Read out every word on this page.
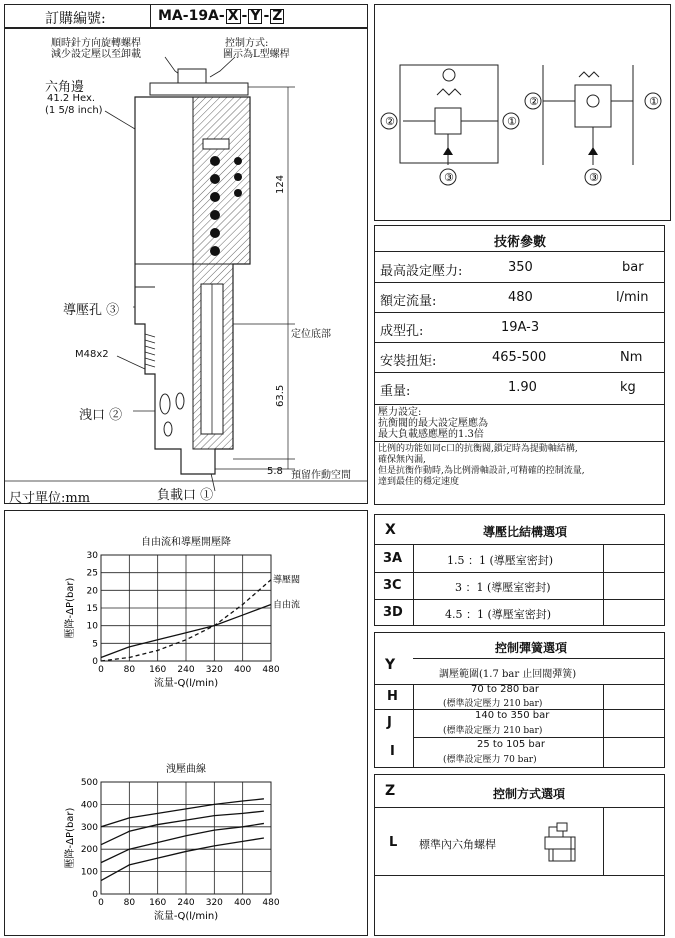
訂購編號:	MA-19A- X - Y - Z
順時針方向旋轉螺桿
減少設定壓以至卸載
控制方式:
圖示為L型螺桿
六角邊
41.2 Hex.
(1 5/8 inch)
導壓孔 ③
M48x2
洩口 ②
定位底部
預留作動空間
5.8
負載口 ①
尺寸單位:mm
124
63.5
②	①
③
②	①
③
技術參數
最高設定壓力:	350	bar
額定流量:	480	l/min
成型孔:	19A-3
安裝扭矩:	465-500	Nm
重量:	1.90	kg
壓力設定:
抗衡閥的最大設定壓應為
最大負載感應壓的1.3倍
比例的功能如同c口的抗衡閥,鎖定時為提動軸結構,
確保無內漏,
但是抗衡作動時,為比例滑軸設計,可精確的控制流量,
達到最佳的穩定速度
自由流和導壓開壓降
0 80 160 240 320 400 480
0
5
10
15
20
25
30
流量-Q(l/min)
壓降-ΔP(bar)	導壓閥
自由流
洩壓曲線
0 80 160 240 320 400 480
0
100
200
300
400
500
流量-Q(l/min)
壓降-ΔP(bar)
X	導壓比結構選項
3A	1.5 ：1 (導壓室密封)
3C	3 ：1 (導壓室密封)
3D	4.5 ：1 (導壓室密封)
控制彈簧選項
Y
調壓範圍(1.7 bar 止回閥彈簧)
H	70 to 280 bar
(標準設定壓力 210 bar)
J	140 to 350 bar
(標準設定壓力 210 bar)
I	25 to 105 bar
(標準設定壓力 70 bar)
Z	控制方式選項
L 標準內六角螺桿
